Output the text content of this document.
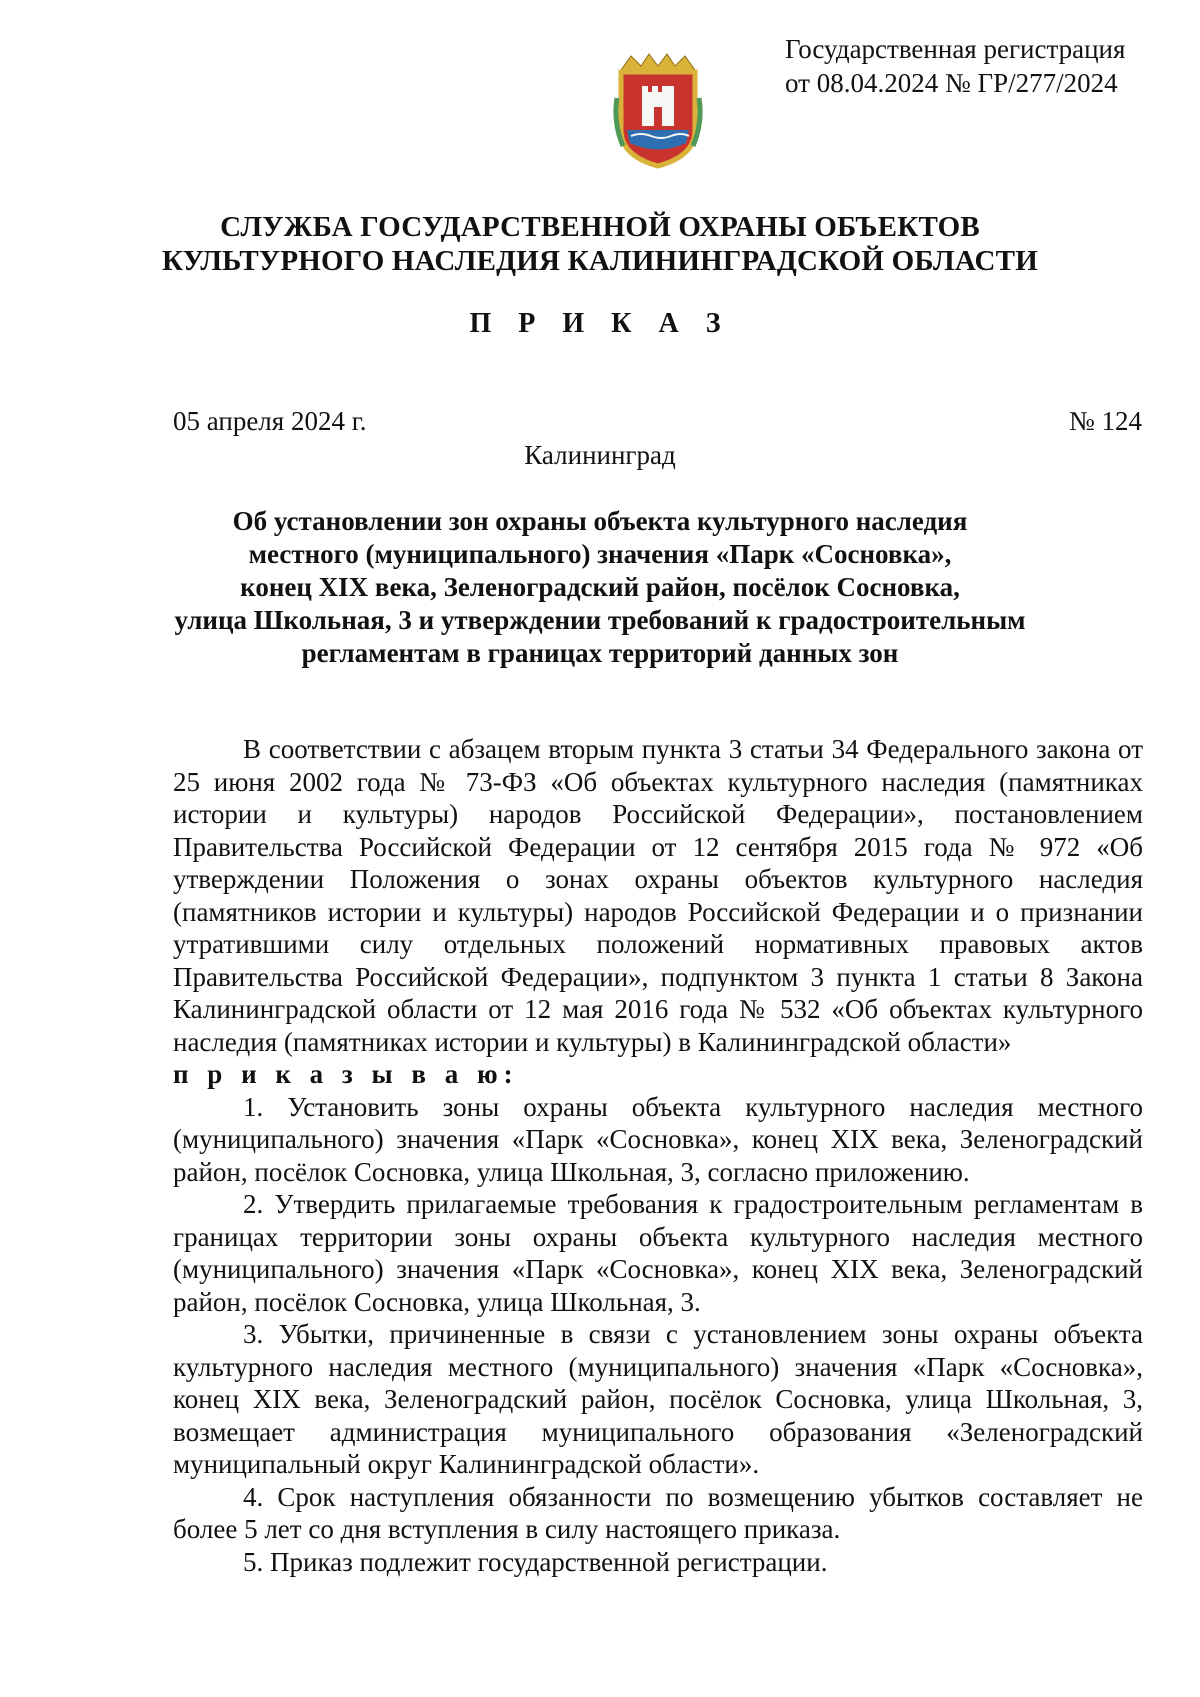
Государственная регистрация
от 08.04.2024 № ГР/277/2024
СЛУЖБА ГОСУДАРСТВЕННОЙ ОХРАНЫ ОБЪЕКТОВ
КУЛЬТУРНОГО НАСЛЕДИЯ КАЛИНИНГРАДСКОЙ ОБЛАСТИ
П Р И К А З
05 апреля 2024 г.	№ 124
Калининград
Об установлении зон охраны объекта культурного наследия
местного (муниципального) значения «Парк «Сосновка»,
конец XIX века, Зеленоградский район, посёлок Сосновка,
улица Школьная, 3 и утверждении требований к градостроительным
регламентам в границах территорий данных зон

В соответствии с абзацем вторым пункта 3 статьи 34 Федерального закона от 25 июня 2002 года № 73-ФЗ «Об объектах культурного наследия (памятниках истории и культуры) народов Российской Федерации», постановлением Правительства Российской Федерации от 12 сентября 2015 года № 972 «Об утверждении Положения о зонах охраны объектов культурного наследия (памятников истории и культуры) народов Российской Федерации и о признании утратившими силу отдельных положений нормативных правовых актов Правительства Российской Федерации», подпунктом 3 пункта 1 статьи 8 Закона Калининградской области от 12 мая 2016 года № 532 «Об объектах культурного наследия (памятниках истории и культуры) в Калининградской области»

п р и к а з ы в а ю:

1. Установить зоны охраны объекта культурного наследия местного (муниципального) значения «Парк «Сосновка», конец XIX века, Зеленоградский район, посёлок Сосновка, улица Школьная, 3, согласно приложению.

2. Утвердить прилагаемые требования к градостроительным регламентам в границах территории зоны охраны объекта культурного наследия местного (муниципального) значения «Парк «Сосновка», конец XIX века, Зеленоградский район, посёлок Сосновка, улица Школьная, 3.

3. Убытки, причиненные в связи с установлением зоны охраны объекта культурного наследия местного (муниципального) значения «Парк «Сосновка», конец XIX века, Зеленоградский район, посёлок Сосновка, улица Школьная, 3, возмещает администрация муниципального образования «Зеленоградский муниципальный округ Калининградской области».

4. Срок наступления обязанности по возмещению убытков составляет не более 5 лет со дня вступления в силу настоящего приказа.

5. Приказ подлежит государственной регистрации.
